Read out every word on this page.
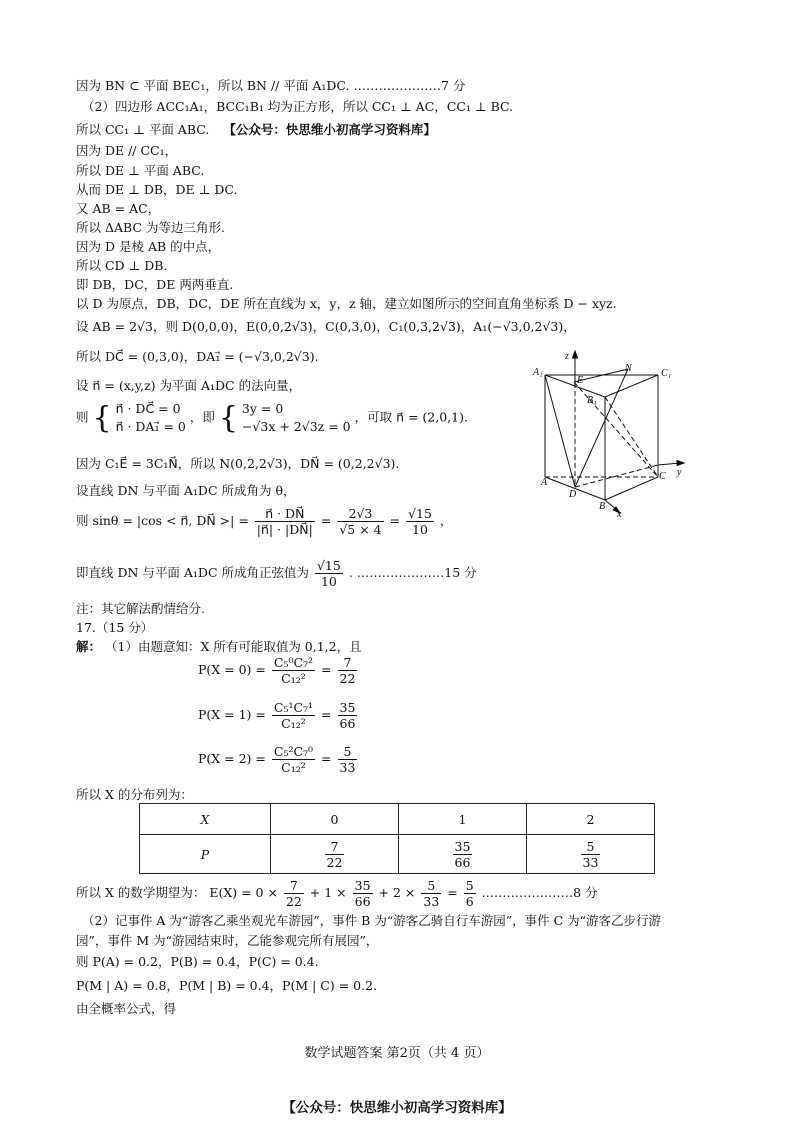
因为 BN ⊂ 平面 BEC₁，所以 BN // 平面 A₁DC. …………………7 分
（2）四边形 ACC₁A₁，BCC₁B₁ 均为正方形，所以 CC₁ ⊥ AC，CC₁ ⊥ BC.
所以 CC₁ ⊥ 平面 ABC. 【公众号：快思维小初高学习资料库】
因为 DE // CC₁，
所以 DE ⊥ 平面 ABC.
从而 DE ⊥ DB，DE ⊥ DC.
又 AB = AC，
所以 ΔABC 为等边三角形.
因为 D 是棱 AB 的中点，
所以 CD ⊥ DB.
即 DB，DC，DE 两两垂直.
以 D 为原点，DB，DC，DE 所在直线为 x，y，z 轴，建立如图所示的空间直角坐标系 D − xyz.
设 AB = 2√3，则 D(0,0,0)，E(0,0,2√3)，C(0,3,0)，C₁(0,3,2√3)，A₁(−√3,0,2√3)，
所以 DC⃗ = (0,3,0)，DA₁⃗ = (−√3,0,2√3).
设 n⃗ = (x,y,z) 为平面 A₁DC 的法向量，
则 { n⃗ · DC⃗ = 0
n⃗ · DA₁⃗ = 0
，即 { 3y = 0
−√3x + 2√3z = 0
，可取 n⃗ = (2,0,1).
因为 C₁E⃗ = 3C₁N⃗，所以 N(0,2,2√3)，DN⃗ = (0,2,2√3).
设直线 DN 与平面 A₁DC 所成角为 θ，
则 sinθ = |cos < n⃗, DN⃗ >| = $\frac{n⃗ \cdot DN⃗}{|n⃗| \cdot |DN⃗|} = \frac{2√3}{√5 \times 4} = \frac{√15}{10}$ ，
即直线 DN 与平面 A₁DC 所成角正弦值为 $\frac{√15}{10}$ . …………………15 分
注：其它解法酌情给分.
17.（15 分）
解： （1）由题意知：X 所有可能取值为 0,1,2，且
$P(X = 0) = \frac{\text{C₅⁰C₇²}}{\text{C₁₂²}} = \frac{7}{22}$
$P(X = 1) = \frac{\text{C₅¹C₇¹}}{\text{C₁₂²}} = \frac{35}{66}$
$P(X = 2) = \frac{\text{C₅²C₇⁰}}{\text{C₁₂²}} = \frac{5}{33}$
所以 X 的分布列为：
X	0	1	2
P	$\frac{7}{22}$	$\frac{35}{66}$	$\frac{5}{33}$
所以 X 的数学期望为： $E(X) = 0 \times \frac{7}{22} + 1 \times \frac{35}{66} + 2 \times \frac{5}{33} = \frac{5}{6}$ .…………………8 分
（2）记事件 A 为“游客乙乘坐观光车游园”，事件 B 为“游客乙骑自行车游园”，事件 C 为“游客乙步行游
园”，事件 M 为“游园结束时，乙能参观完所有展园”，
则 P(A) = 0.2，P(B) = 0.4，P(C) = 0.4.
P(M | A) = 0.8，P(M | B) = 0.4，P(M | C) = 0.2.
由全概率公式，得
数学试题答案 第2页（共 4 页）
【公众号：快思维小初高学习资料库】
A₁	N	C₁
E
B₁
z
A
D
C y
B
x
